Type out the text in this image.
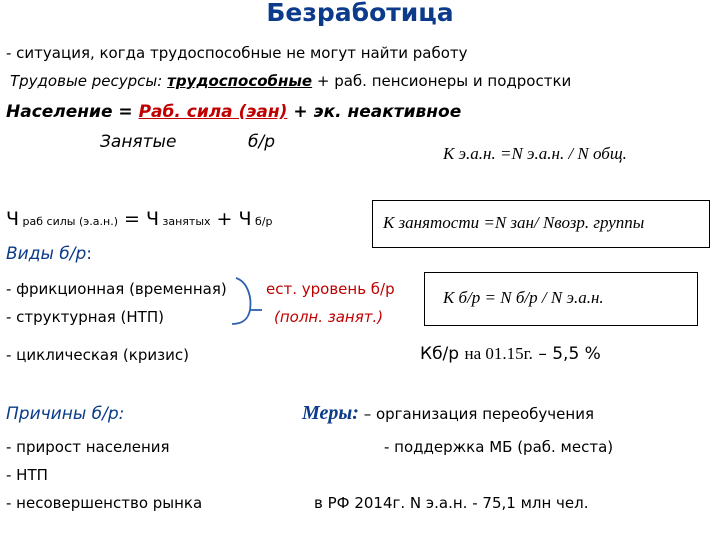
Безработица
- ситуация, когда трудоспособные не могут найти работу
Трудовые ресурсы: трудоспособные + раб. пенсионеры и подростки
Население = Раб. сила (эан) + эк. неактивное
Занятые	б/р
К э.а.н. =N э.а.н. / N общ.
Ч раб силы (э.а.н.) = Ч занятых + Ч б/р	К занятости =N зан/ Nвозр. группы
Виды б/р:
- фрикционная (временная)
- структурная (НТП)
- циклическая (кризис)
ест. уровень б/р
(полн. занят.)
К б/р = N б/р / N э.а.н.
Кб/р на 01.15г. – 5,5 %
Причины б/р:
- прирост населения
- НТП
- несовершенство рынка
Меры: – организация переобучения
- поддержка МБ (раб. места)
в РФ 2014г. N э.а.н. - 75,1 млн чел.
